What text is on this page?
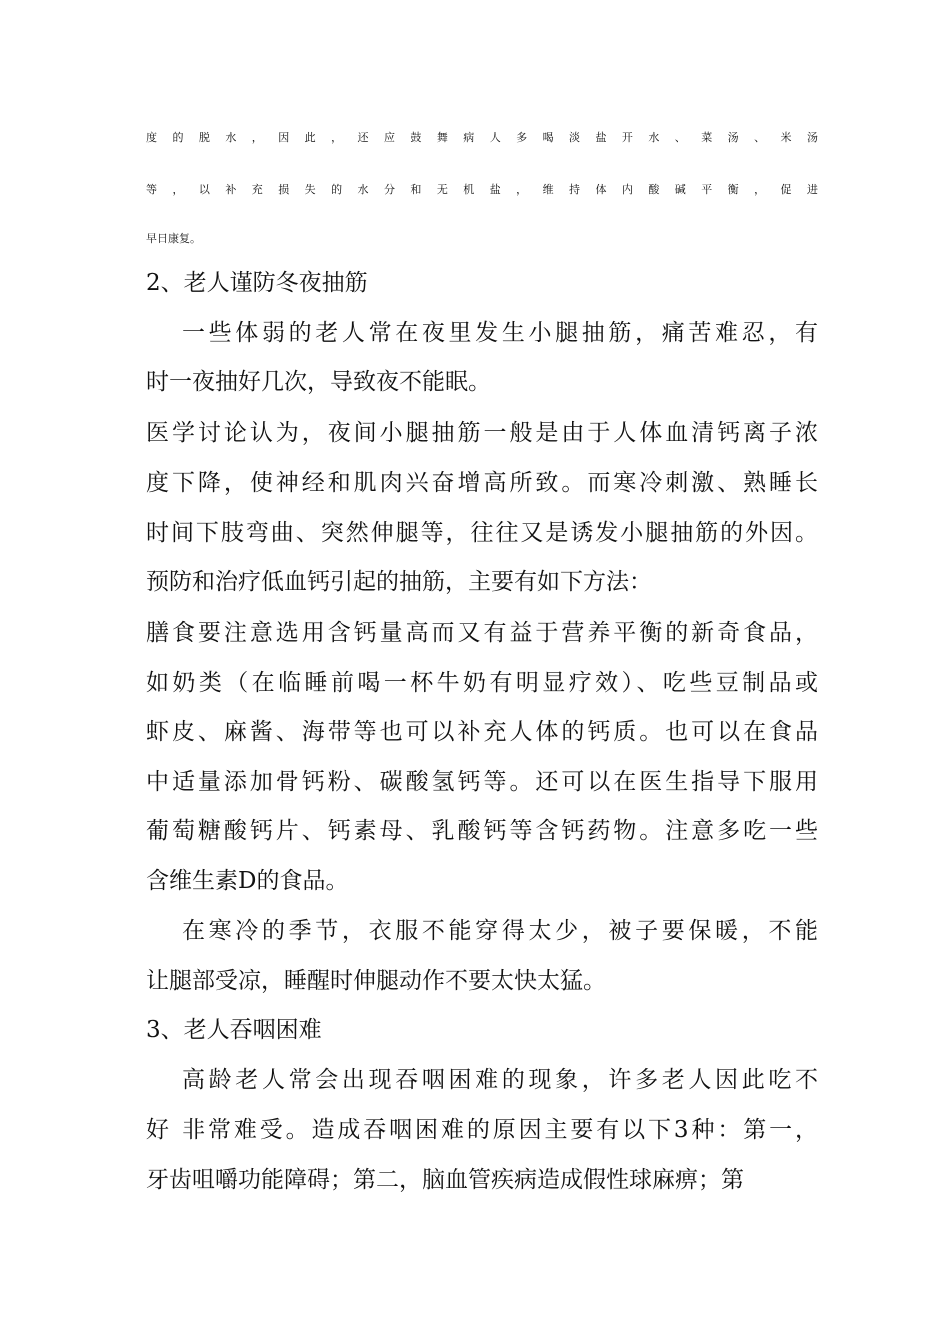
度的脱水，因此，还应鼓舞病人多喝淡盐开水、菜汤、米汤
等，以补充损失的水分和无机盐，维持体内酸碱平衡，促进
早日康复。
2、老人谨防冬夜抽筋
一些体弱的老人常在夜里发生小腿抽筋，痛苦难忍，有
时一夜抽好几次，导致夜不能眠。
医学讨论认为，夜间小腿抽筋一般是由于人体血清钙离子浓
度下降，使神经和肌肉兴奋增高所致。而寒冷刺激、熟睡长
时间下肢弯曲、突然伸腿等，往往又是诱发小腿抽筋的外因。
预防和治疗低血钙引起的抽筋，主要有如下方法：
膳食要注意选用含钙量高而又有益于营养平衡的新奇食品，
如奶类（在临睡前喝一杯牛奶有明显疗效）、吃些豆制品或
虾皮、麻酱、海带等也可以补充人体的钙质。也可以在食品
中适量添加骨钙粉、碳酸氢钙等。还可以在医生指导下服用
葡萄糖酸钙片、钙素母、乳酸钙等含钙药物。注意多吃一些
含维生素D的食品。
在寒冷的季节，衣服不能穿得太少，被子要保暖，不能
让腿部受凉，睡醒时伸腿动作不要太快太猛。
3、老人吞咽困难
高龄老人常会出现吞咽困难的现象，许多老人因此吃不
好 非常难受。造成吞咽困难的原因主要有以下3种：第一，
牙齿咀嚼功能障碍；第二，脑血管疾病造成假性球麻痹；第
